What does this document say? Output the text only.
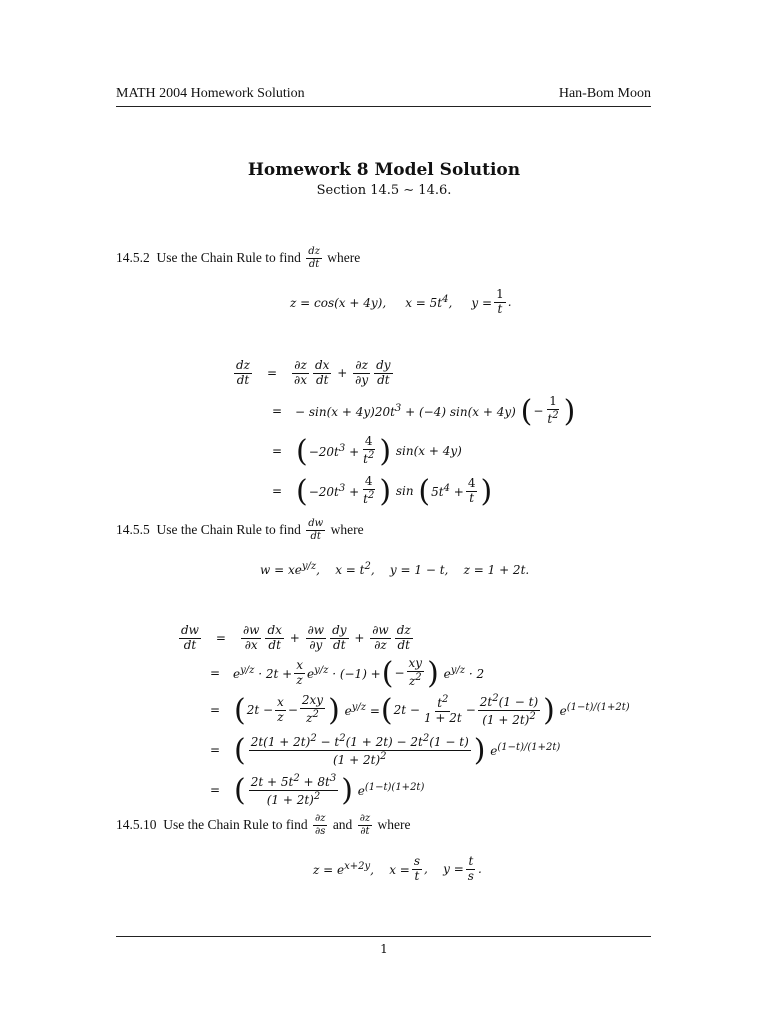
MATH 2004 Homework Solution	Han-Bom Moon
Homework 8 Model Solution
Section 14.5 ∼ 14.6.
14.5.2
Use the Chain Rule to find
$\frac{dz}{dt}$
where
z = cos(x + 4y),     $x = 5t^4$,     $y = \frac{1}{t}$ .
$\frac{dz}{dt}$	=	$\frac{\partial z}{\partial x} \frac{dx}{dt} + \frac{\partial z}{\partial y} \frac{dy}{dt}$
=	− $\sin(x + 4y)20t^3 + (-4)$ sin(x + 4y) ( − $\frac{1}{t^2}$ )
= ( $-20t^3 + \frac{4}{t^2}$ ) sin(x + 4y)
= ( $-20t^3 + \frac{4}{t^2}$ ) sin ( $5t^4 + \frac{4}{t}$ )
14.5.5
Use the Chain Rule to find
$\frac{dw}{dt}$
where
$w = xe^{y/z}$,    $x = t^2$,    y = 1 − t,    z = 1 + 2t.
$\frac{dw}{dt}$	=	$\frac{\partial w}{\partial x} \frac{dx}{dt} + \frac{\partial w}{\partial y} \frac{dy}{dt} + \frac{\partial w}{\partial z} \frac{dz}{dt}$
=	$e^{y/z} \cdot 2t + \frac{x}{z} e^{y/z} \cdot (-1)$ + ( − $\frac{xy}{z^2}$ ) $e^{y/z} \cdot 2$
= ( $2t - \frac{x}{z} - \frac{2xy}{z^2}$ ) $e^{y/z}$ = ( $2t - \frac{t^2}{1 + 2t} - \frac{2t^2(1 - t)}{(1 + 2t)^2}$ ) $e^{(1-t)/(1+2t)}$
= ( $\frac{2t(1 + 2t)^2 - t^2(1 + 2t) - 2t^2(1 - t)}{(1 + 2t)^2}$ ) $e^{(1-t)/(1+2t)}$
= ( $\frac{2t + 5t^2 + 8t^3}{(1 + 2t)^2}$ ) $e^{(1-t)(1+2t)}$
14.5.10
Use the Chain Rule to find
$\frac{\partial z}{\partial s}$
and
$\frac{\partial z}{\partial t}$
where
$z = e^{x+2y}$,    $x = \frac{s}{t}$ ,    $y = \frac{t}{s}$ .
1
